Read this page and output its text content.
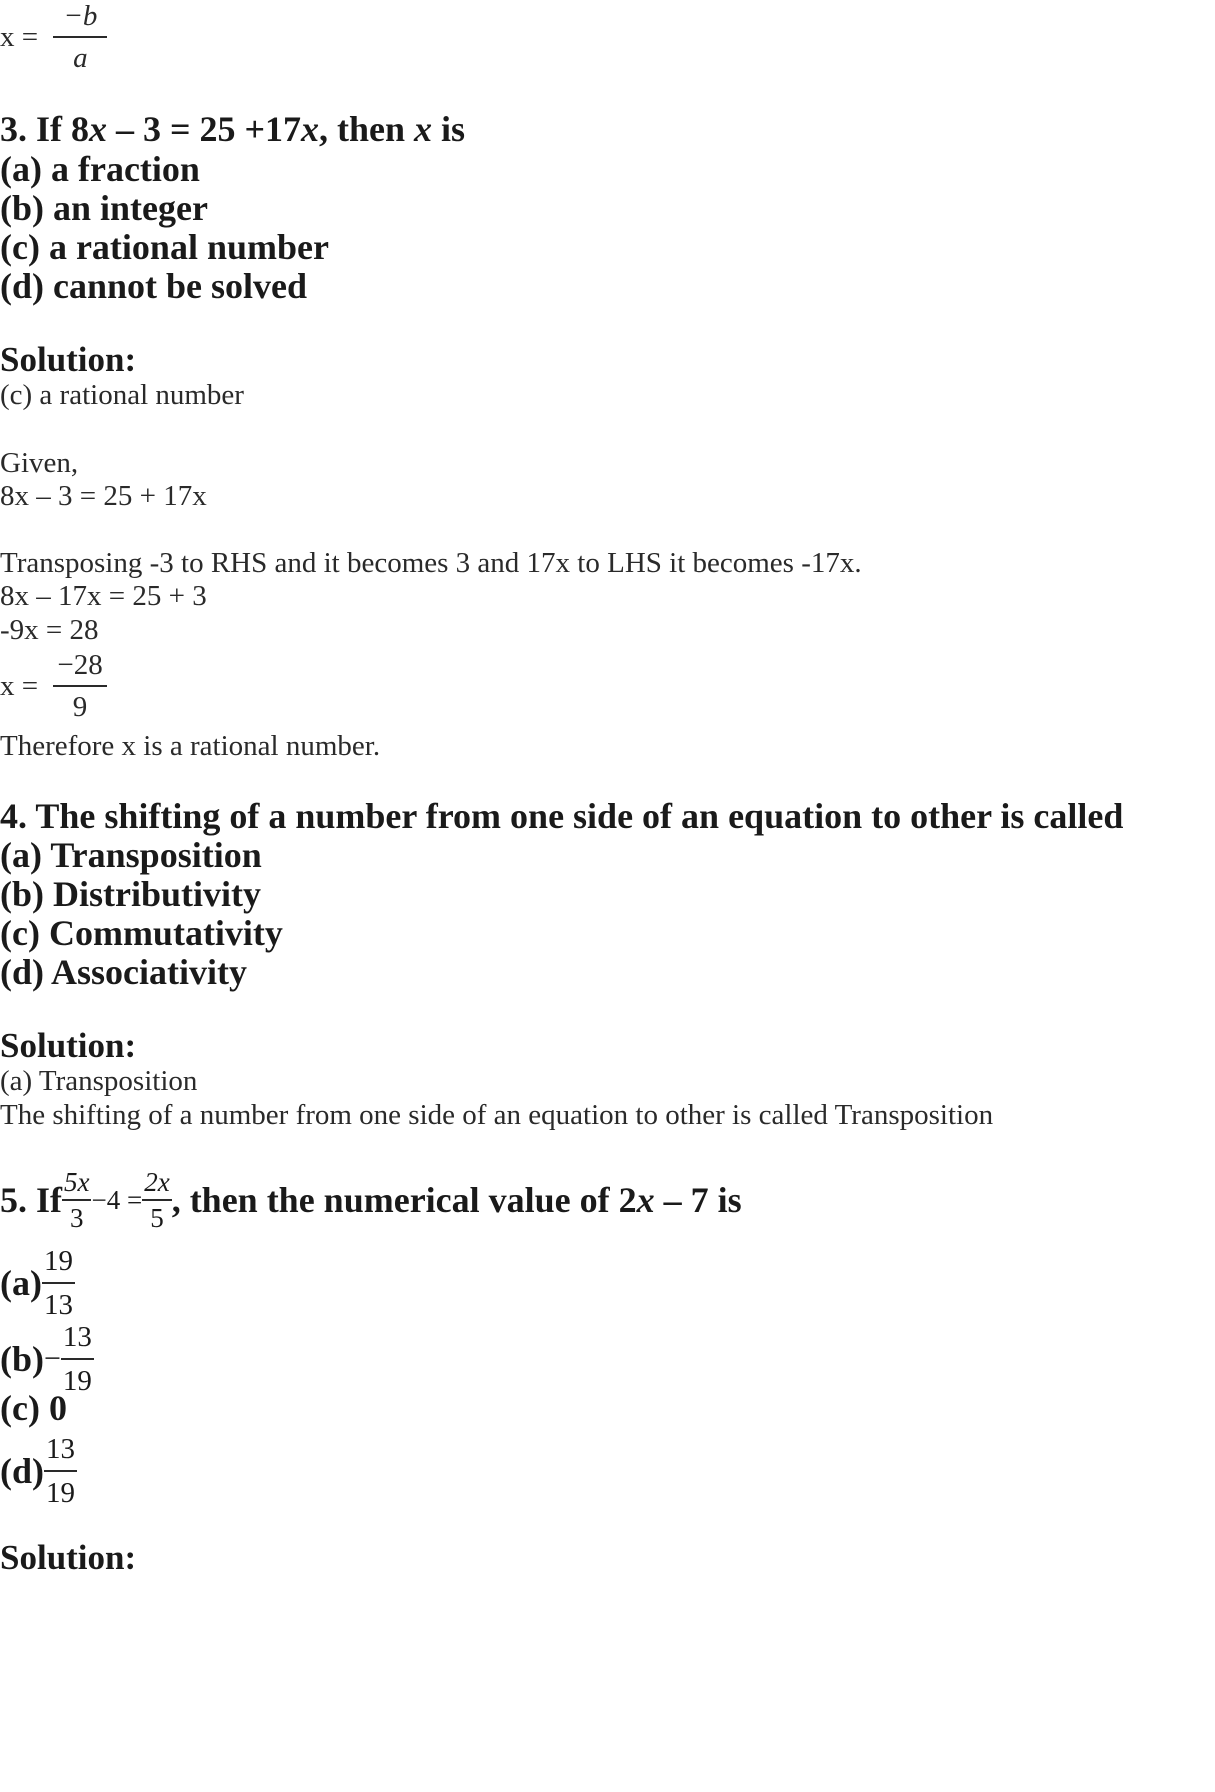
$x = \frac{-b}{a}$
3. If 8x – 3 = 25 +17x, then x is
(a) a fraction
(b) an integer
(c) a rational number
(d) cannot be solved
Solution:
(c) a rational number
Given,
8x – 3 = 25 + 17x
Transposing -3 to RHS and it becomes 3 and 17x to LHS it becomes -17x.
8x – 17x = 25 + 3
-9x = 28
$x = \frac{-28}{9}$
Therefore x is a rational number.
4. The shifting of a number from one side of an equation to other is called
(a) Transposition
(b) Distributivity
(c) Commutativity
(d) Associativity
Solution:
(a) Transposition
The shifting of a number from one side of an equation to other is called Transposition
5. If $\frac{5x}{3} -4 = \frac{2x}{5}$ , then the numerical value of 2x – 7 is
$(a) \frac{19}{13}$
$(b)- \frac{13}{19}$
(c) 0
$(d) \frac{13}{19}$
Solution:
